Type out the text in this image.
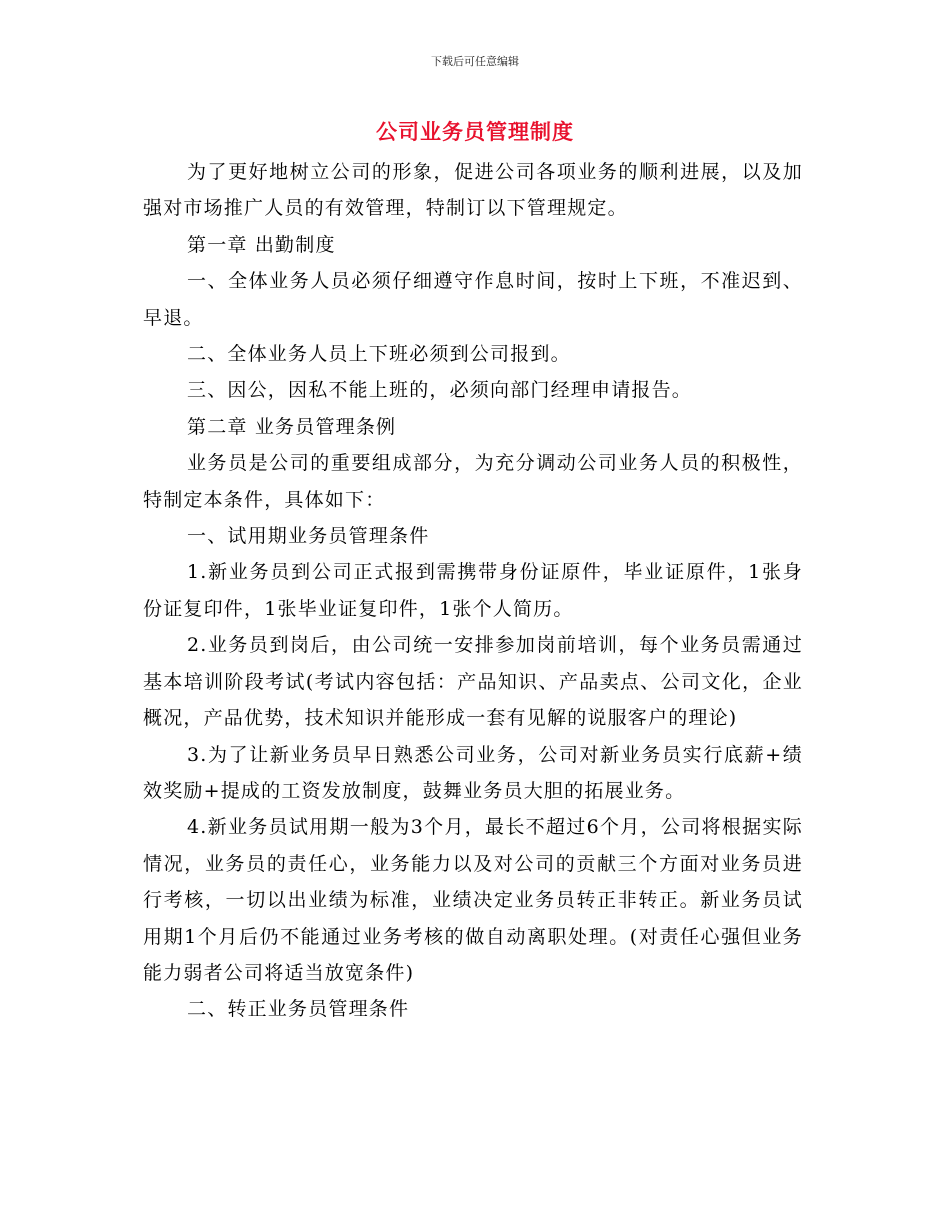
下载后可任意编辑
公司业务员管理制度

为了更好地树立公司的形象，促进公司各项业务的顺利进展，以及加强对市场推广人员的有效管理，特制订以下管理规定。

第一章 出勤制度

一、全体业务人员必须仔细遵守作息时间，按时上下班，不准迟到、早退。

二、全体业务人员上下班必须到公司报到。

三、因公，因私不能上班的，必须向部门经理申请报告。

第二章 业务员管理条例

业务员是公司的重要组成部分，为充分调动公司业务人员的积极性，特制定本条件，具体如下：

一、试用期业务员管理条件

1.新业务员到公司正式报到需携带身份证原件，毕业证原件，1张身份证复印件，1张毕业证复印件，1张个人简历。

2.业务员到岗后，由公司统一安排参加岗前培训，每个业务员需通过基本培训阶段考试(考试内容包括：产品知识、产品卖点、公司文化，企业概况，产品优势，技术知识并能形成一套有见解的说服客户的理论)

3.为了让新业务员早日熟悉公司业务，公司对新业务员实行底薪+绩效奖励+提成的工资发放制度，鼓舞业务员大胆的拓展业务。

4.新业务员试用期一般为3个月，最长不超过6个月，公司将根据实际情况，业务员的责任心，业务能力以及对公司的贡献三个方面对业务员进行考核，一切以出业绩为标准，业绩决定业务员转正非转正。新业务员试用期1个月后仍不能通过业务考核的做自动离职处理。(对责任心强但业务能力弱者公司将适当放宽条件)

二、转正业务员管理条件
